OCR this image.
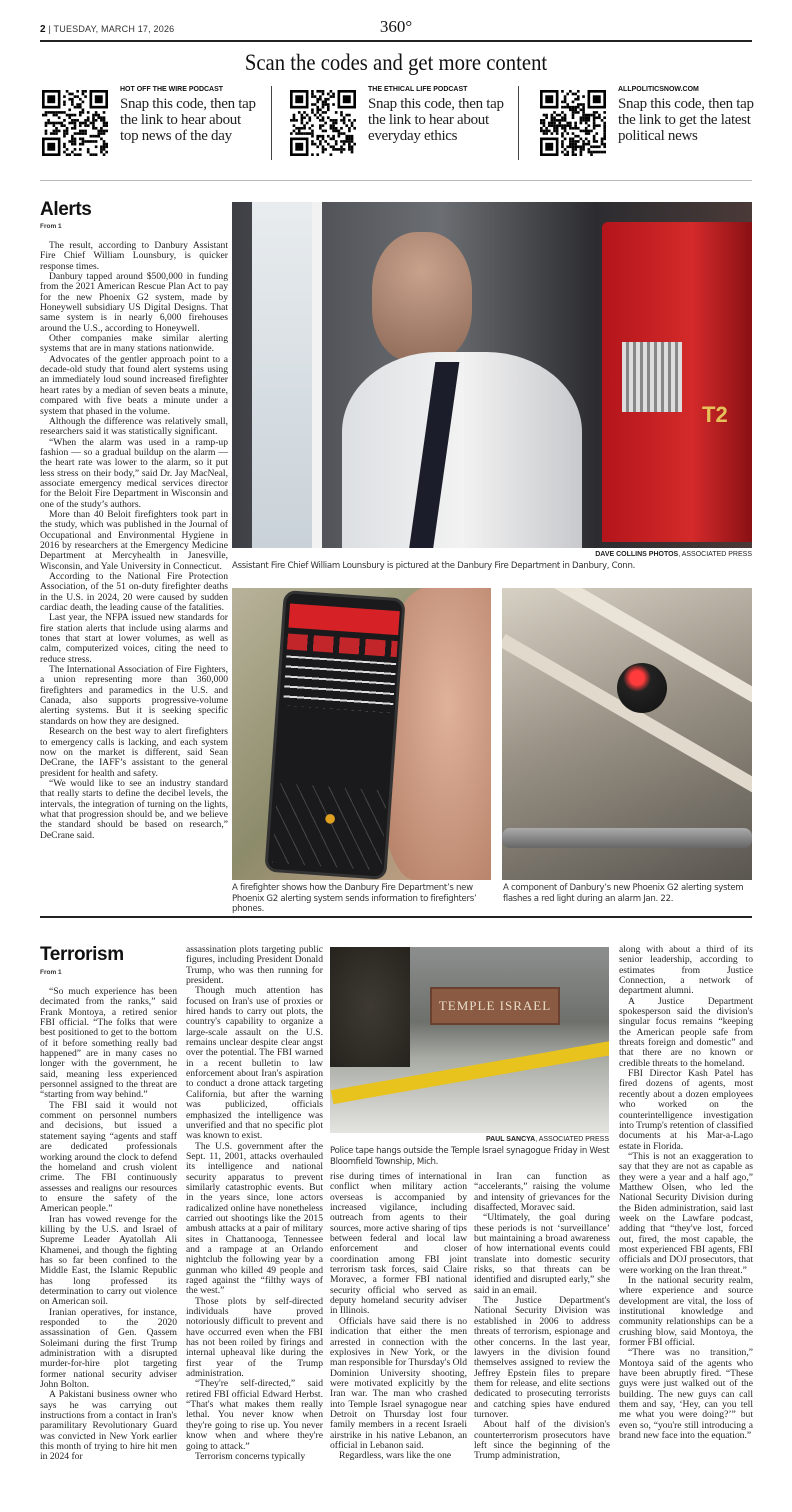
2 | TUESDAY, MARCH 17, 2026	360°
Scan the codes and get more content
HOT OFF THE WIRE PODCAST
Snap this code, then tap the link to hear about top news of the day
THE ETHICAL LIFE PODCAST
Snap this code, then tap the link to hear about everyday ethics
ALLPOLITICSNOW.COM
Snap this code, then tap the link to get the latest political news
Alerts
From 1

The result, according to Danbury Assistant Fire Chief William Lounsbury, is quicker response times.

Danbury tapped around $500,000 in funding from the 2021 American Rescue Plan Act to pay for the new Phoenix G2 system, made by Honeywell subsidiary US Digital Designs. That same system is in nearly 6,000 firehouses around the U.S., according to Honeywell.

Other companies make similar alerting systems that are in many stations nationwide.

Advocates of the gentler approach point to a decade-old study that found alert systems using an immediately loud sound increased firefighter heart rates by a median of seven beats a minute, compared with five beats a minute under a system that phased in the volume.

Although the difference was relatively small, researchers said it was statistically significant.

“When the alarm was used in a ramp-up fashion — so a gradual buildup on the alarm — the heart rate was lower to the alarm, so it put less stress on their body,” said Dr. Jay MacNeal, associate emergency medical services director for the Beloit Fire Department in Wisconsin and one of the study’s authors.

More than 40 Beloit firefighters took part in the study, which was published in the Journal of Occupational and Environmental Hygiene in 2016 by researchers at the Emergency Medicine Department at Mercyhealth in Janesville, Wisconsin, and Yale University in Connecticut.

According to the National Fire Protection Association, of the 51 on-duty firefighter deaths in the U.S. in 2024, 20 were caused by sudden cardiac death, the leading cause of the fatalities.

Last year, the NFPA issued new standards for fire station alerts that include using alarms and tones that start at lower volumes, as well as calm, computerized voices, citing the need to reduce stress.

The International Association of Fire Fighters, a union representing more than 360,000 firefighters and paramedics in the U.S. and Canada, also supports progressive-volume alerting systems. But it is seeking specific standards on how they are designed.

Research on the best way to alert firefighters to emergency calls is lacking, and each system now on the market is different, said Sean DeCrane, the IAFF’s assistant to the general president for health and safety.

“We would like to see an industry standard that really starts to define the decibel levels, the intervals, the integration of turning on the lights, what that progression should be, and we believe the standard should be based on research,” DeCrane said.

T2
DAVE COLLINS PHOTOS, ASSOCIATED PRESS
Assistant Fire Chief William Lounsbury is pictured at the Danbury Fire Department in Danbury, Conn.
A firefighter shows how the Danbury Fire Department’s new Phoenix G2 alerting system sends information to firefighters’ phones.
A component of Danbury’s new Phoenix G2 alerting system flashes a red light during an alarm Jan. 22.
Terrorism
From 1

“So much experience has been decimated from the ranks,” said Frank Montoya, a retired senior FBI official. “The folks that were best positioned to get to the bottom of it before something really bad happened” are in many cases no longer with the government, he said, meaning less experienced personnel assigned to the threat are “starting from way behind.”

The FBI said it would not comment on personnel numbers and decisions, but issued a statement saying “agents and staff are dedicated professionals working around the clock to defend the homeland and crush violent crime. The FBI continuously assesses and realigns our resources to ensure the safety of the American people.”

Iran has vowed revenge for the killing by the U.S. and Israel of Supreme Leader Ayatollah Ali Khamenei, and though the fighting has so far been confined to the Middle East, the Islamic Republic has long professed its determination to carry out violence on American soil.

Iranian operatives, for instance, responded to the 2020 assassination of Gen. Qassem Soleimani during the first Trump administration with a disrupted murder-for-hire plot targeting former national security adviser John Bolton.

A Pakistani business owner who says he was carrying out instructions from a contact in Iran's paramilitary Revolutionary Guard was convicted in New York earlier this month of trying to hire hit men in 2024 for

assassination plots targeting public figures, including President Donald Trump, who was then running for president.

Though much attention has focused on Iran's use of proxies or hired hands to carry out plots, the country's capability to organize a large-scale assault on the U.S. remains unclear despite clear angst over the potential. The FBI warned in a recent bulletin to law enforcement about Iran's aspiration to conduct a drone attack targeting California, but after the warning was publicized, officials emphasized the intelligence was unverified and that no specific plot was known to exist.

The U.S. government after the Sept. 11, 2001, attacks overhauled its intelligence and national security apparatus to prevent similarly catastrophic events. But in the years since, lone actors radicalized online have nonetheless carried out shootings like the 2015 ambush attacks at a pair of military sites in Chattanooga, Tennessee and a rampage at an Orlando nightclub the following year by a gunman who killed 49 people and raged against the “filthy ways of the west.”

Those plots by self-directed individuals have proved notoriously difficult to prevent and have occurred even when the FBI has not been roiled by firings and internal upheaval like during the first year of the Trump administration.

“They're self-directed,” said retired FBI official Edward Herbst. “That's what makes them really lethal. You never know when they're going to rise up. You never know when and where they're going to attack.”

Terrorism concerns typically

TEMPLE ISRAEL
PAUL SANCYA, ASSOCIATED PRESS
Police tape hangs outside the Temple Israel synagogue Friday in West Bloomfield Township, Mich.

rise during times of international conflict when military action overseas is accompanied by increased vigilance, including outreach from agents to their sources, more active sharing of tips between federal and local law enforcement and closer coordination among FBI joint terrorism task forces, said Claire Moravec, a former FBI national security official who served as deputy homeland security adviser in Illinois.

Officials have said there is no indication that either the men arrested in connection with the explosives in New York, or the man responsible for Thursday's Old Dominion University shooting, were motivated explicitly by the Iran war. The man who crashed into Temple Israel synagogue near Detroit on Thursday lost four family members in a recent Israeli airstrike in his native Lebanon, an official in Lebanon said.

Regardless, wars like the one

in Iran can function as “accelerants,” raising the volume and intensity of grievances for the disaffected, Moravec said.

“Ultimately, the goal during these periods is not ‘surveillance’ but maintaining a broad awareness of how international events could translate into domestic security risks, so that threats can be identified and disrupted early,” she said in an email.

The Justice Department's National Security Division was established in 2006 to address threats of terrorism, espionage and other concerns. In the last year, lawyers in the division found themselves assigned to review the Jeffrey Epstein files to prepare them for release, and elite sections dedicated to prosecuting terrorists and catching spies have endured turnover.

About half of the division's counterterrorism prosecutors have left since the beginning of the Trump administration,

along with about a third of its senior leadership, according to estimates from Justice Connection, a network of department alumni.

A Justice Department spokesperson said the division's singular focus remains “keeping the American people safe from threats foreign and domestic” and that there are no known or credible threats to the homeland.

FBI Director Kash Patel has fired dozens of agents, most recently about a dozen employees who worked on the counterintelligence investigation into Trump's retention of classified documents at his Mar-a-Lago estate in Florida.

“This is not an exaggeration to say that they are not as capable as they were a year and a half ago,” Matthew Olsen, who led the National Security Division during the Biden administration, said last week on the Lawfare podcast, adding that “they've lost, forced out, fired, the most capable, the most experienced FBI agents, FBI officials and DOJ prosecutors, that were working on the Iran threat.”

In the national security realm, where experience and source development are vital, the loss of institutional knowledge and community relationships can be a crushing blow, said Montoya, the former FBI official.

“There was no transition,” Montoya said of the agents who have been abruptly fired. “These guys were just walked out of the building. The new guys can call them and say, ‘Hey, can you tell me what you were doing?’” but even so, “you're still introducing a brand new face into the equation.”
